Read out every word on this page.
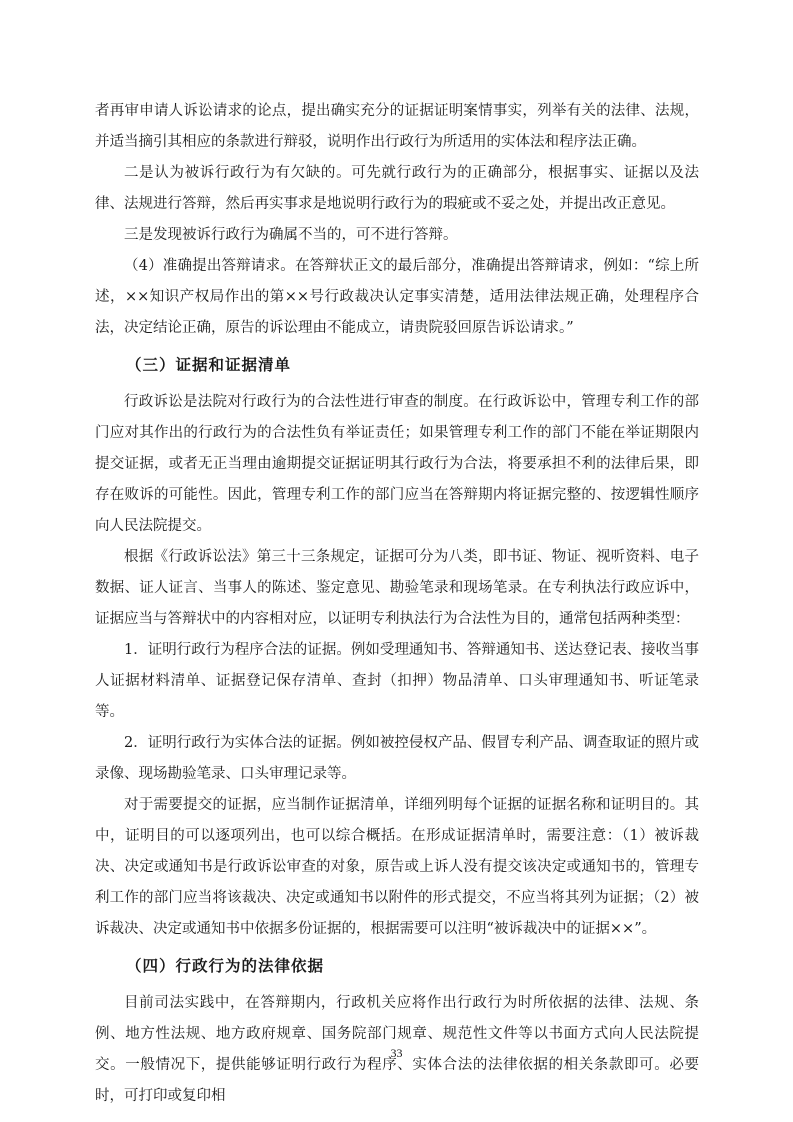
者再审申请人诉讼请求的论点，提出确实充分的证据证明案情事实，列举有关的法律、法规，并适当摘引其相应的条款进行辩驳，说明作出行政行为所适用的实体法和程序法正确。

二是认为被诉行政行为有欠缺的。可先就行政行为的正确部分，根据事实、证据以及法律、法规进行答辩，然后再实事求是地说明行政行为的瑕疵或不妥之处，并提出改正意见。

三是发现被诉行政行为确属不当的，可不进行答辩。

（4）准确提出答辩请求。在答辩状正文的最后部分，准确提出答辩请求，例如：“综上所述，××知识产权局作出的第××号行政裁决认定事实清楚，适用法律法规正确，处理程序合法，决定结论正确，原告的诉讼理由不能成立，请贵院驳回原告诉讼请求。”

（三）证据和证据清单

行政诉讼是法院对行政行为的合法性进行审查的制度。在行政诉讼中，管理专利工作的部门应对其作出的行政行为的合法性负有举证责任；如果管理专利工作的部门不能在举证期限内提交证据，或者无正当理由逾期提交证据证明其行政行为合法，将要承担不利的法律后果，即存在败诉的可能性。因此，管理专利工作的部门应当在答辩期内将证据完整的、按逻辑性顺序向人民法院提交。

根据《行政诉讼法》第三十三条规定，证据可分为八类，即书证、物证、视听资料、电子数据、证人证言、当事人的陈述、鉴定意见、勘验笔录和现场笔录。在专利执法行政应诉中，证据应当与答辩状中的内容相对应，以证明专利执法行为合法性为目的，通常包括两种类型：

1．证明行政行为程序合法的证据。例如受理通知书、答辩通知书、送达登记表、接收当事人证据材料清单、证据登记保存清单、查封（扣押）物品清单、口头审理通知书、听证笔录等。

2．证明行政行为实体合法的证据。例如被控侵权产品、假冒专利产品、调查取证的照片或录像、现场勘验笔录、口头审理记录等。

对于需要提交的证据，应当制作证据清单，详细列明每个证据的证据名称和证明目的。其中，证明目的可以逐项列出，也可以综合概括。在形成证据清单时，需要注意：（1）被诉裁决、决定或通知书是行政诉讼审查的对象，原告或上诉人没有提交该决定或通知书的，管理专利工作的部门应当将该裁决、决定或通知书以附件的形式提交，不应当将其列为证据；（2）被诉裁决、决定或通知书中依据多份证据的，根据需要可以注明“被诉裁决中的证据××”。

（四）行政行为的法律依据

目前司法实践中，在答辩期内，行政机关应将作出行政行为时所依据的法律、法规、条例、地方性法规、地方政府规章、国务院部门规章、规范性文件等以书面方式向人民法院提交。一般情况下，提供能够证明行政行为程序、实体合法的法律依据的相关条款即可。必要时，可打印或复印相

33
